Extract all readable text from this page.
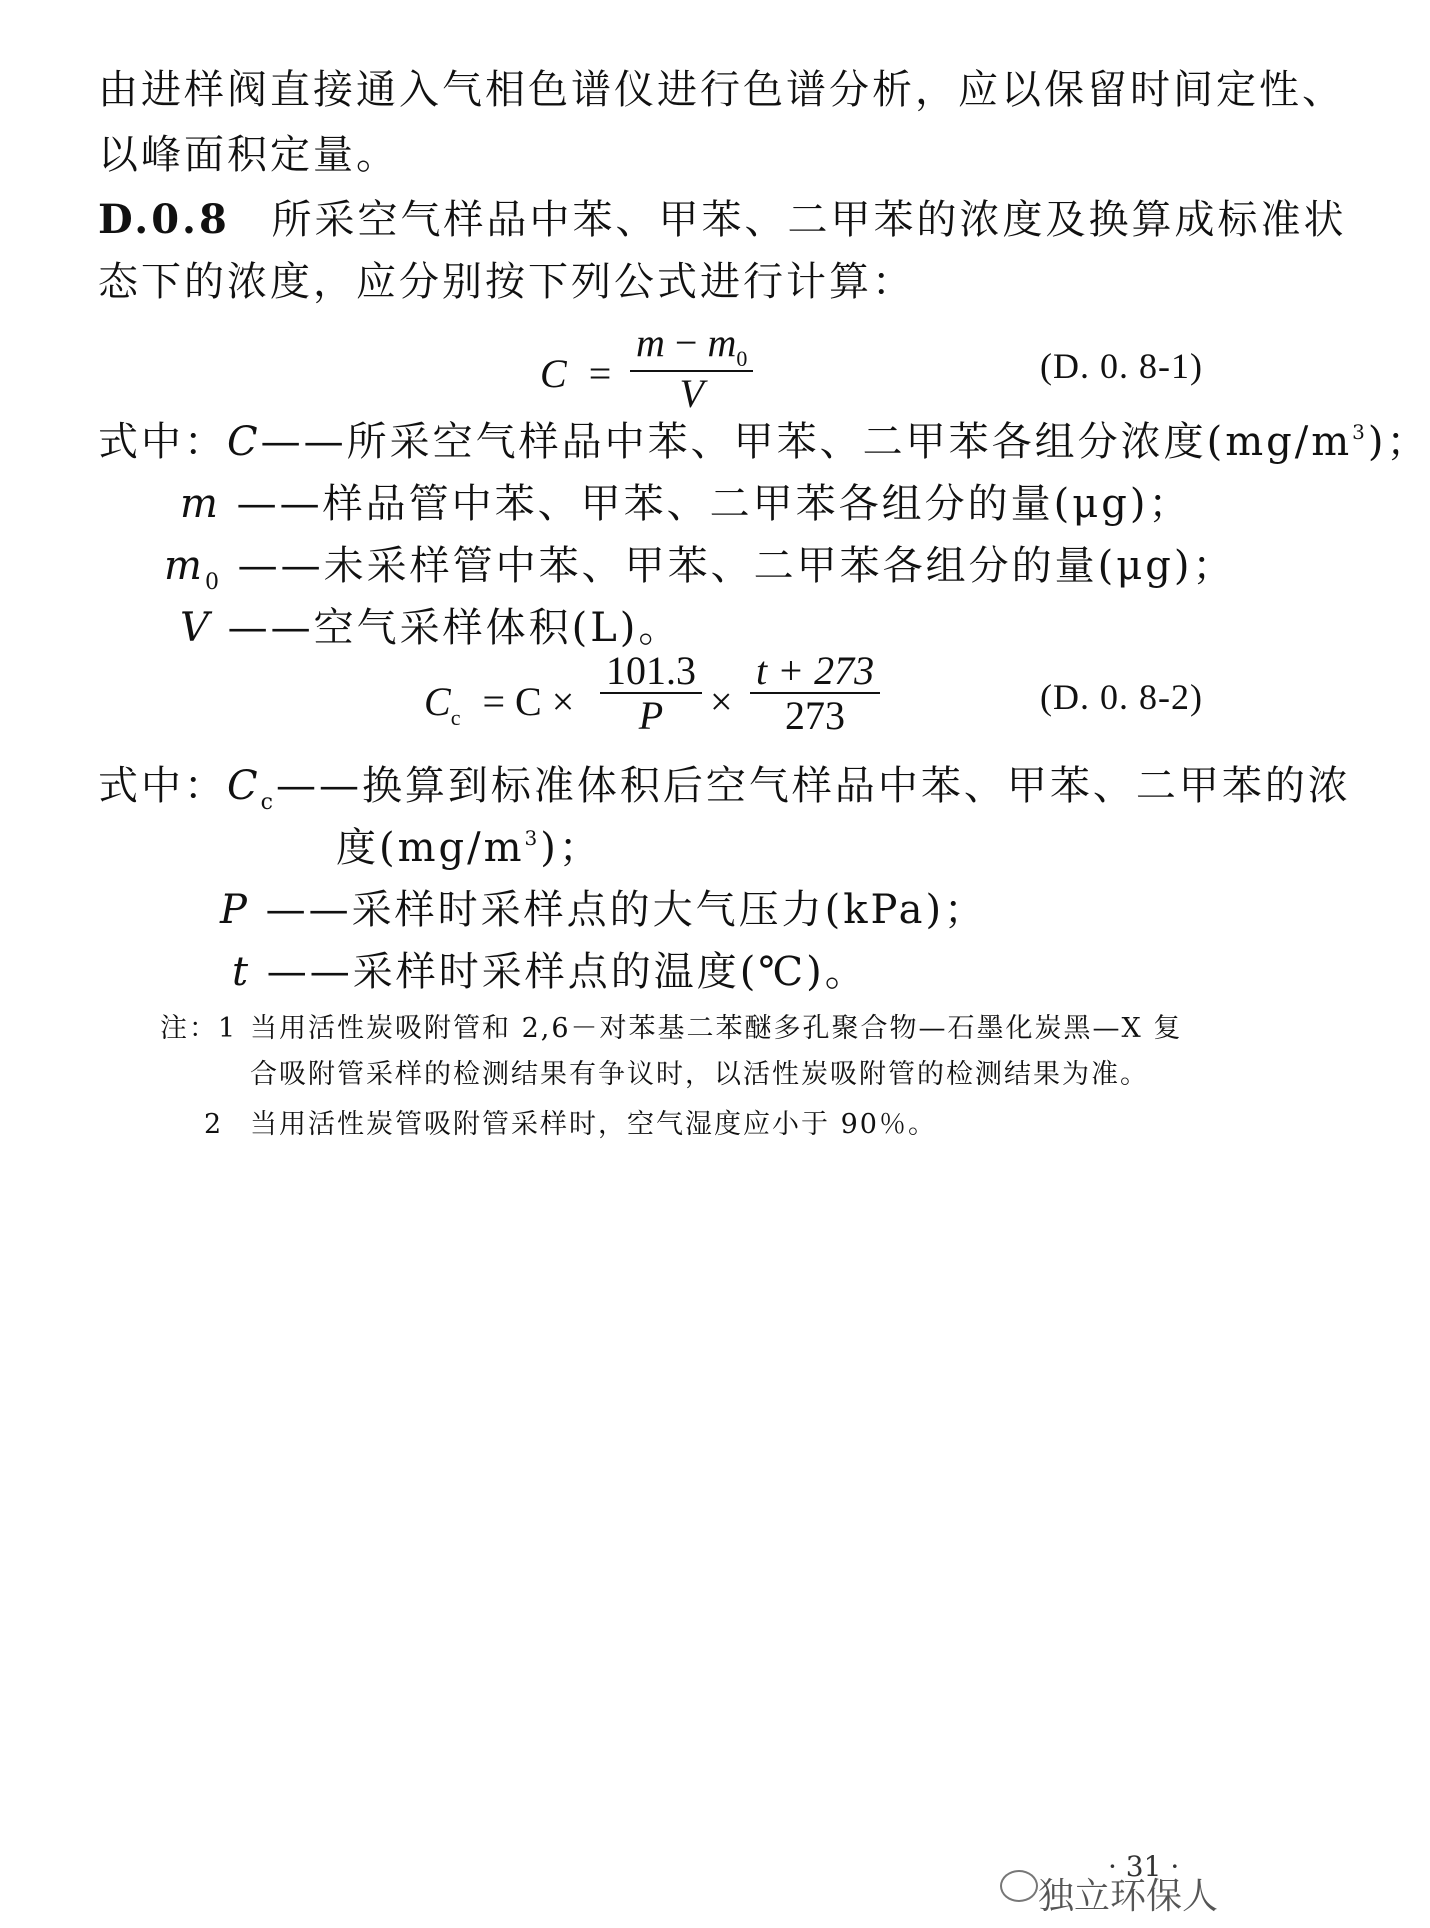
由进样阀直接通入气相色谱仪进行色谱分析，应以保留时间定性、
以峰面积定量。
D.0.8 所采空气样品中苯、甲苯、二甲苯的浓度及换算成标准状
态下的浓度，应分别按下列公式进行计算：
$C = \frac{m - m_0}{V}$	(D. 0. 8-1)
式中：C——所采空气样品中苯、甲苯、二甲苯各组分浓度$(mg/m^3)$；
m ——样品管中苯、甲苯、二甲苯各组分的量(μg)；
$m_0$ ——未采样管中苯、甲苯、二甲苯各组分的量(μg)；
V ——空气采样体积(L)。
$C_c = C \times \frac{101.3}{P} \times \frac{t + 273}{273}$	(D. 0. 8-2)
式中：$C_c——$换算到标准体积后空气样品中苯、甲苯、二甲苯的浓
度$(mg/m^3)$；
P ——采样时采样点的大气压力(kPa)；
t ——采样时采样点的温度(℃)。
注：1 当用活性炭吸附管和 2,6－对苯基二苯醚多孔聚合物—石墨化炭黑—X 复
合吸附管采样的检测结果有争议时，以活性炭吸附管的检测结果为准。
2 当用活性炭管吸附管采样时，空气湿度应小于 90％。
· 31 ·
独立环保人
